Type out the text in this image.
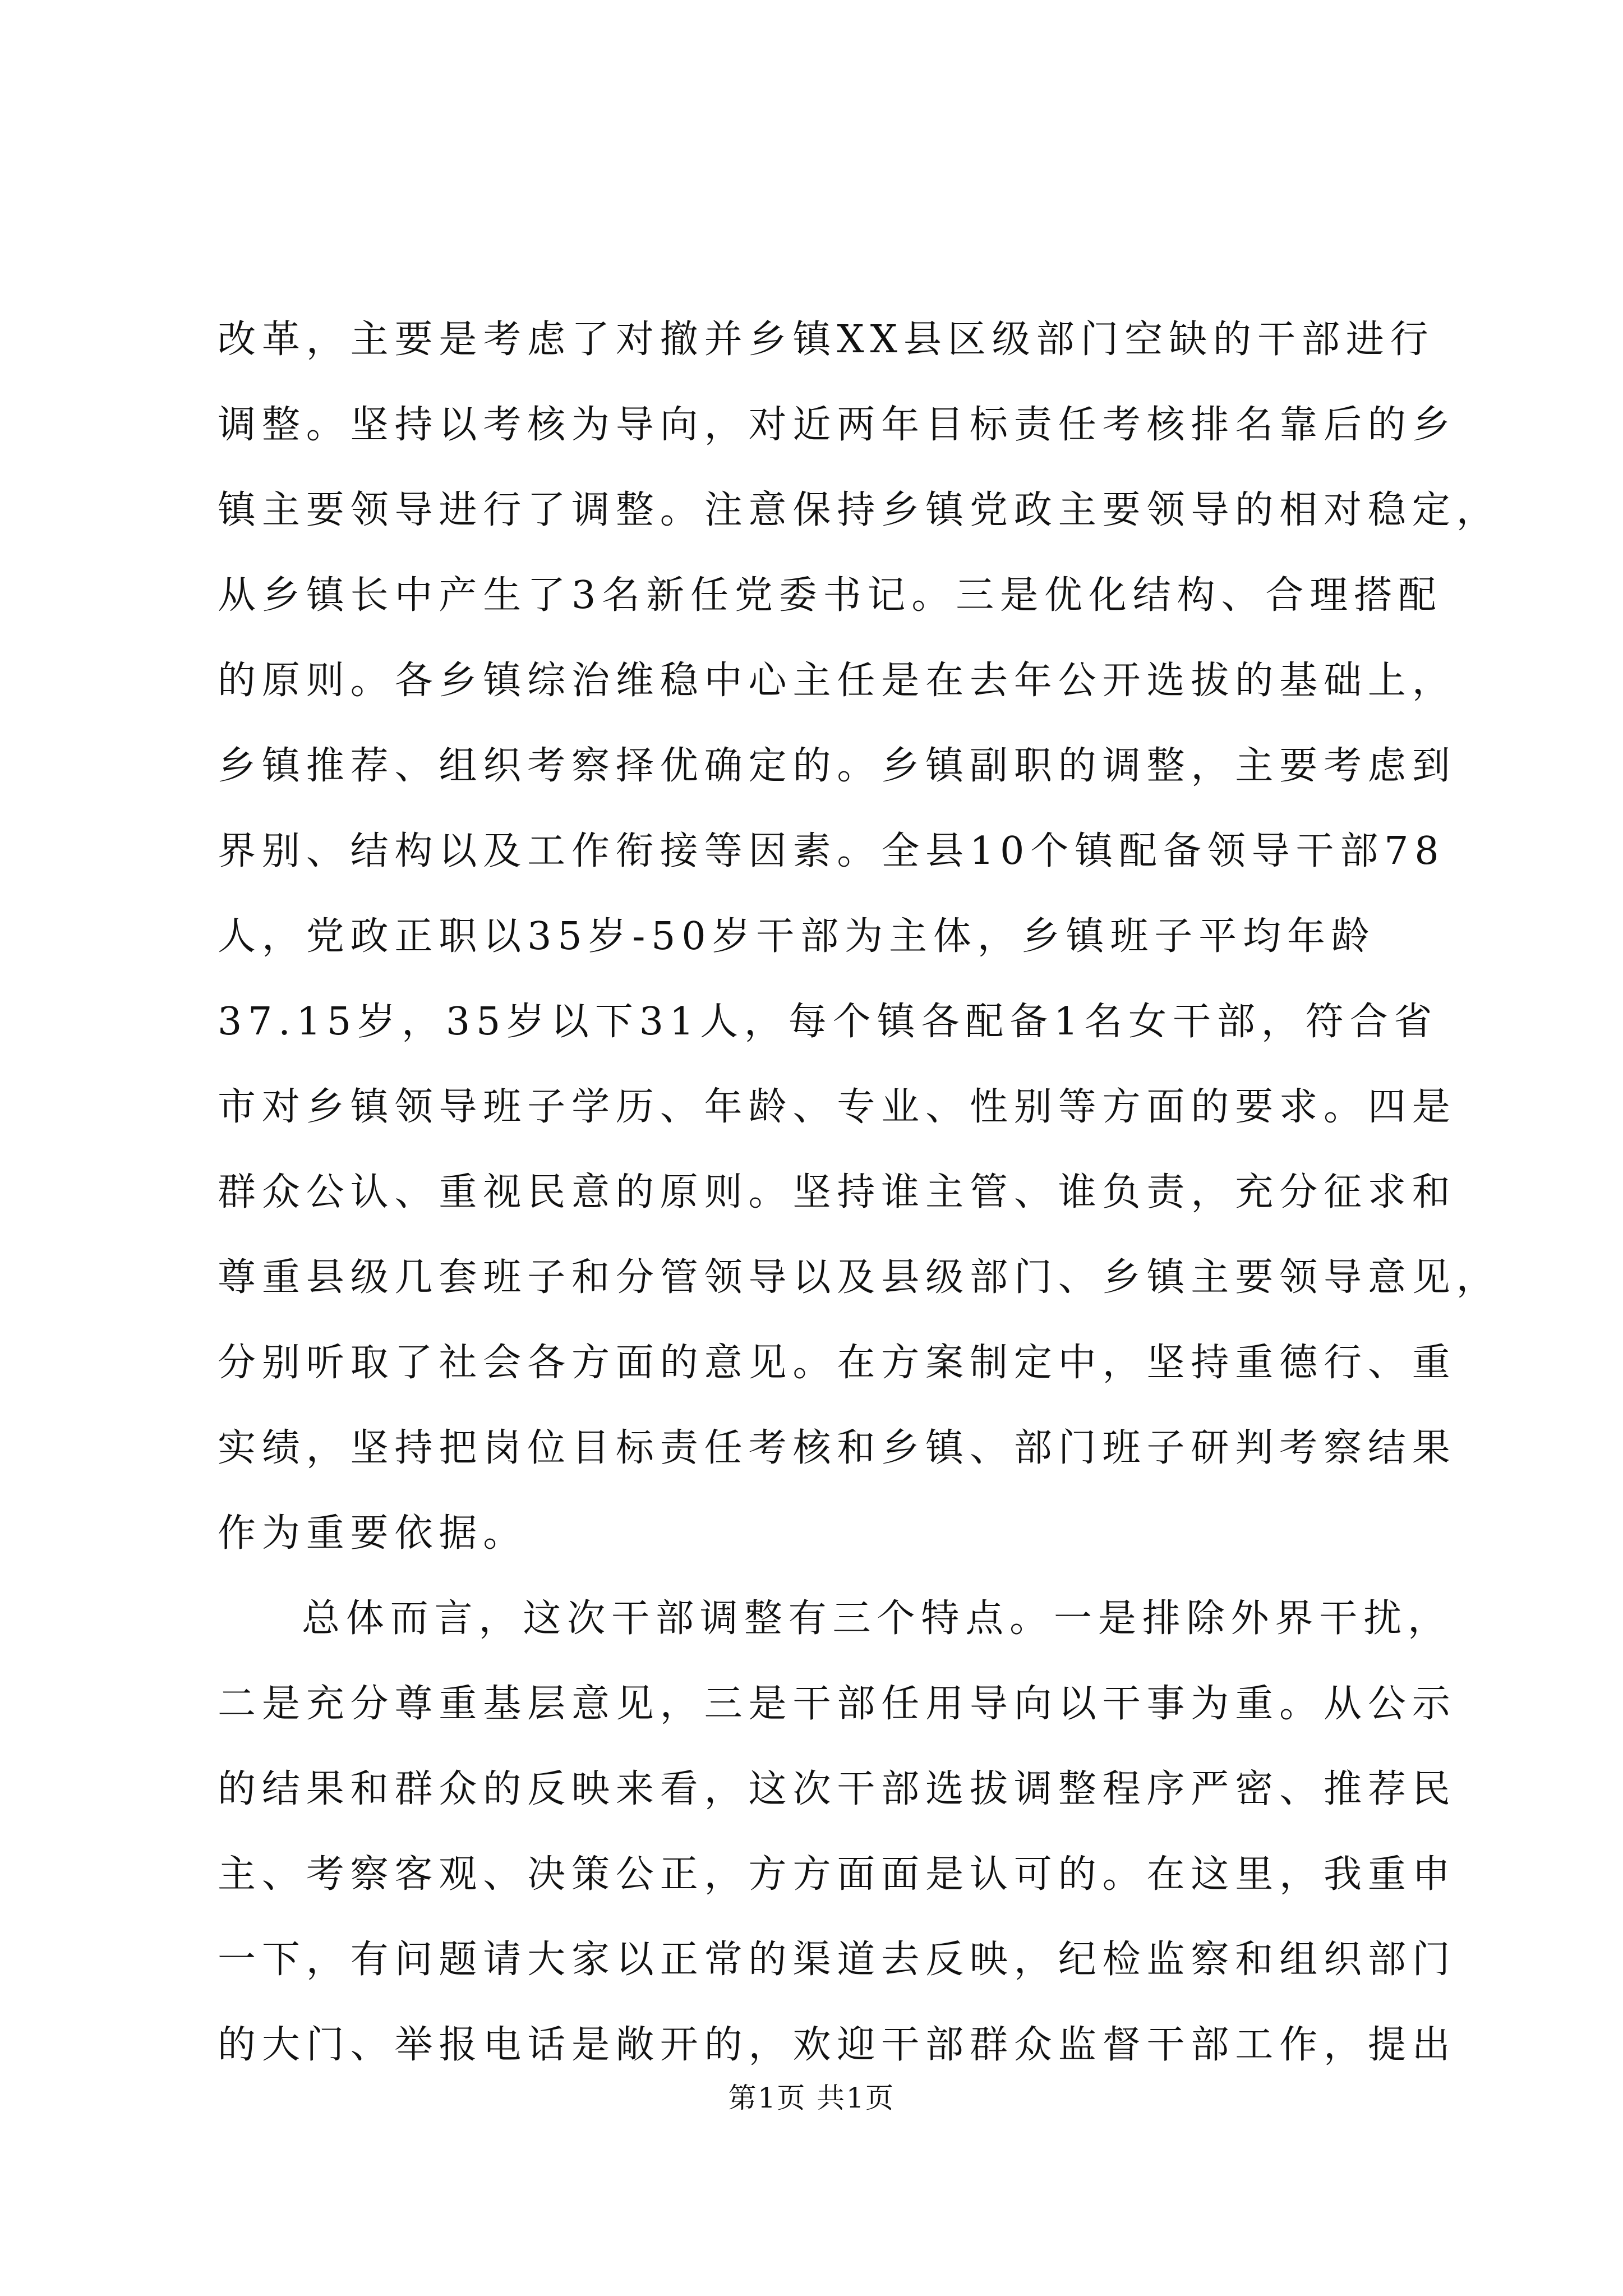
改革，主要是考虑了对撤并乡镇XX县区级部门空缺的干部进行
调整。坚持以考核为导向，对近两年目标责任考核排名靠后的乡
镇主要领导进行了调整。注意保持乡镇党政主要领导的相对稳定，
从乡镇长中产生了3名新任党委书记。三是优化结构、合理搭配
的原则。各乡镇综治维稳中心主任是在去年公开选拔的基础上，
乡镇推荐、组织考察择优确定的。乡镇副职的调整，主要考虑到
界别、结构以及工作衔接等因素。全县10个镇配备领导干部78
人，党政正职以35岁-50岁干部为主体，乡镇班子平均年龄
37.15岁，35岁以下31人，每个镇各配备1名女干部，符合省
市对乡镇领导班子学历、年龄、专业、性别等方面的要求。四是
群众公认、重视民意的原则。坚持谁主管、谁负责，充分征求和
尊重县级几套班子和分管领导以及县级部门、乡镇主要领导意见，
分别听取了社会各方面的意见。在方案制定中，坚持重德行、重
实绩，坚持把岗位目标责任考核和乡镇、部门班子研判考察结果
作为重要依据。
总体而言，这次干部调整有三个特点。一是排除外界干扰，
二是充分尊重基层意见，三是干部任用导向以干事为重。从公示
的结果和群众的反映来看，这次干部选拔调整程序严密、推荐民
主、考察客观、决策公正，方方面面是认可的。在这里，我重申
一下，有问题请大家以正常的渠道去反映，纪检监察和组织部门
的大门、举报电话是敞开的，欢迎干部群众监督干部工作，提出
第1页 共1页
